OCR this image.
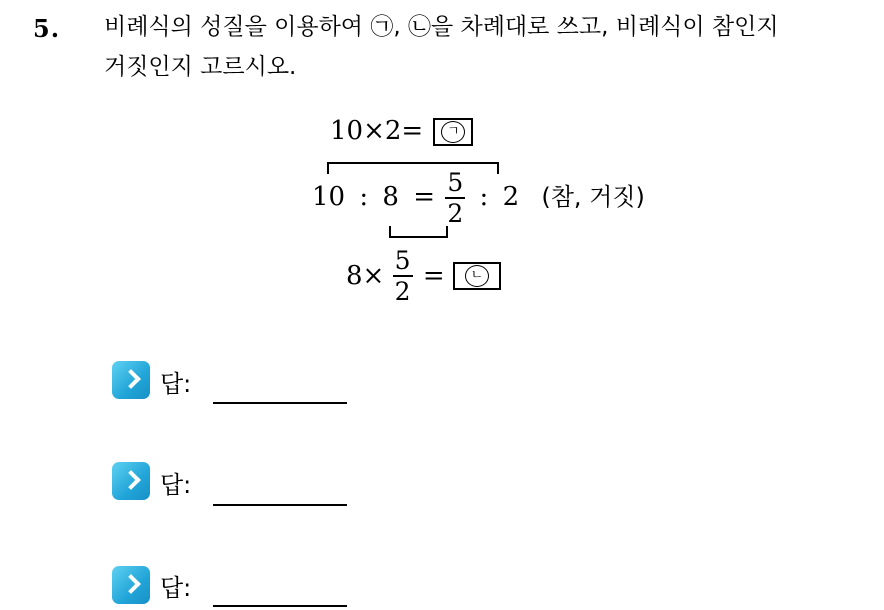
5. 비례식의 성질을 이용하여 ㉠, ㉡을 차례대로 쓰고, 비례식이 참인지
거짓인지 고르시오.
10×2=	ㄱ
10 : $8 = \frac{5}{2}$ : 2 (참, 거짓)
$8\times \frac{5}{2}$ =	ㄴ
답:
답:
답:
